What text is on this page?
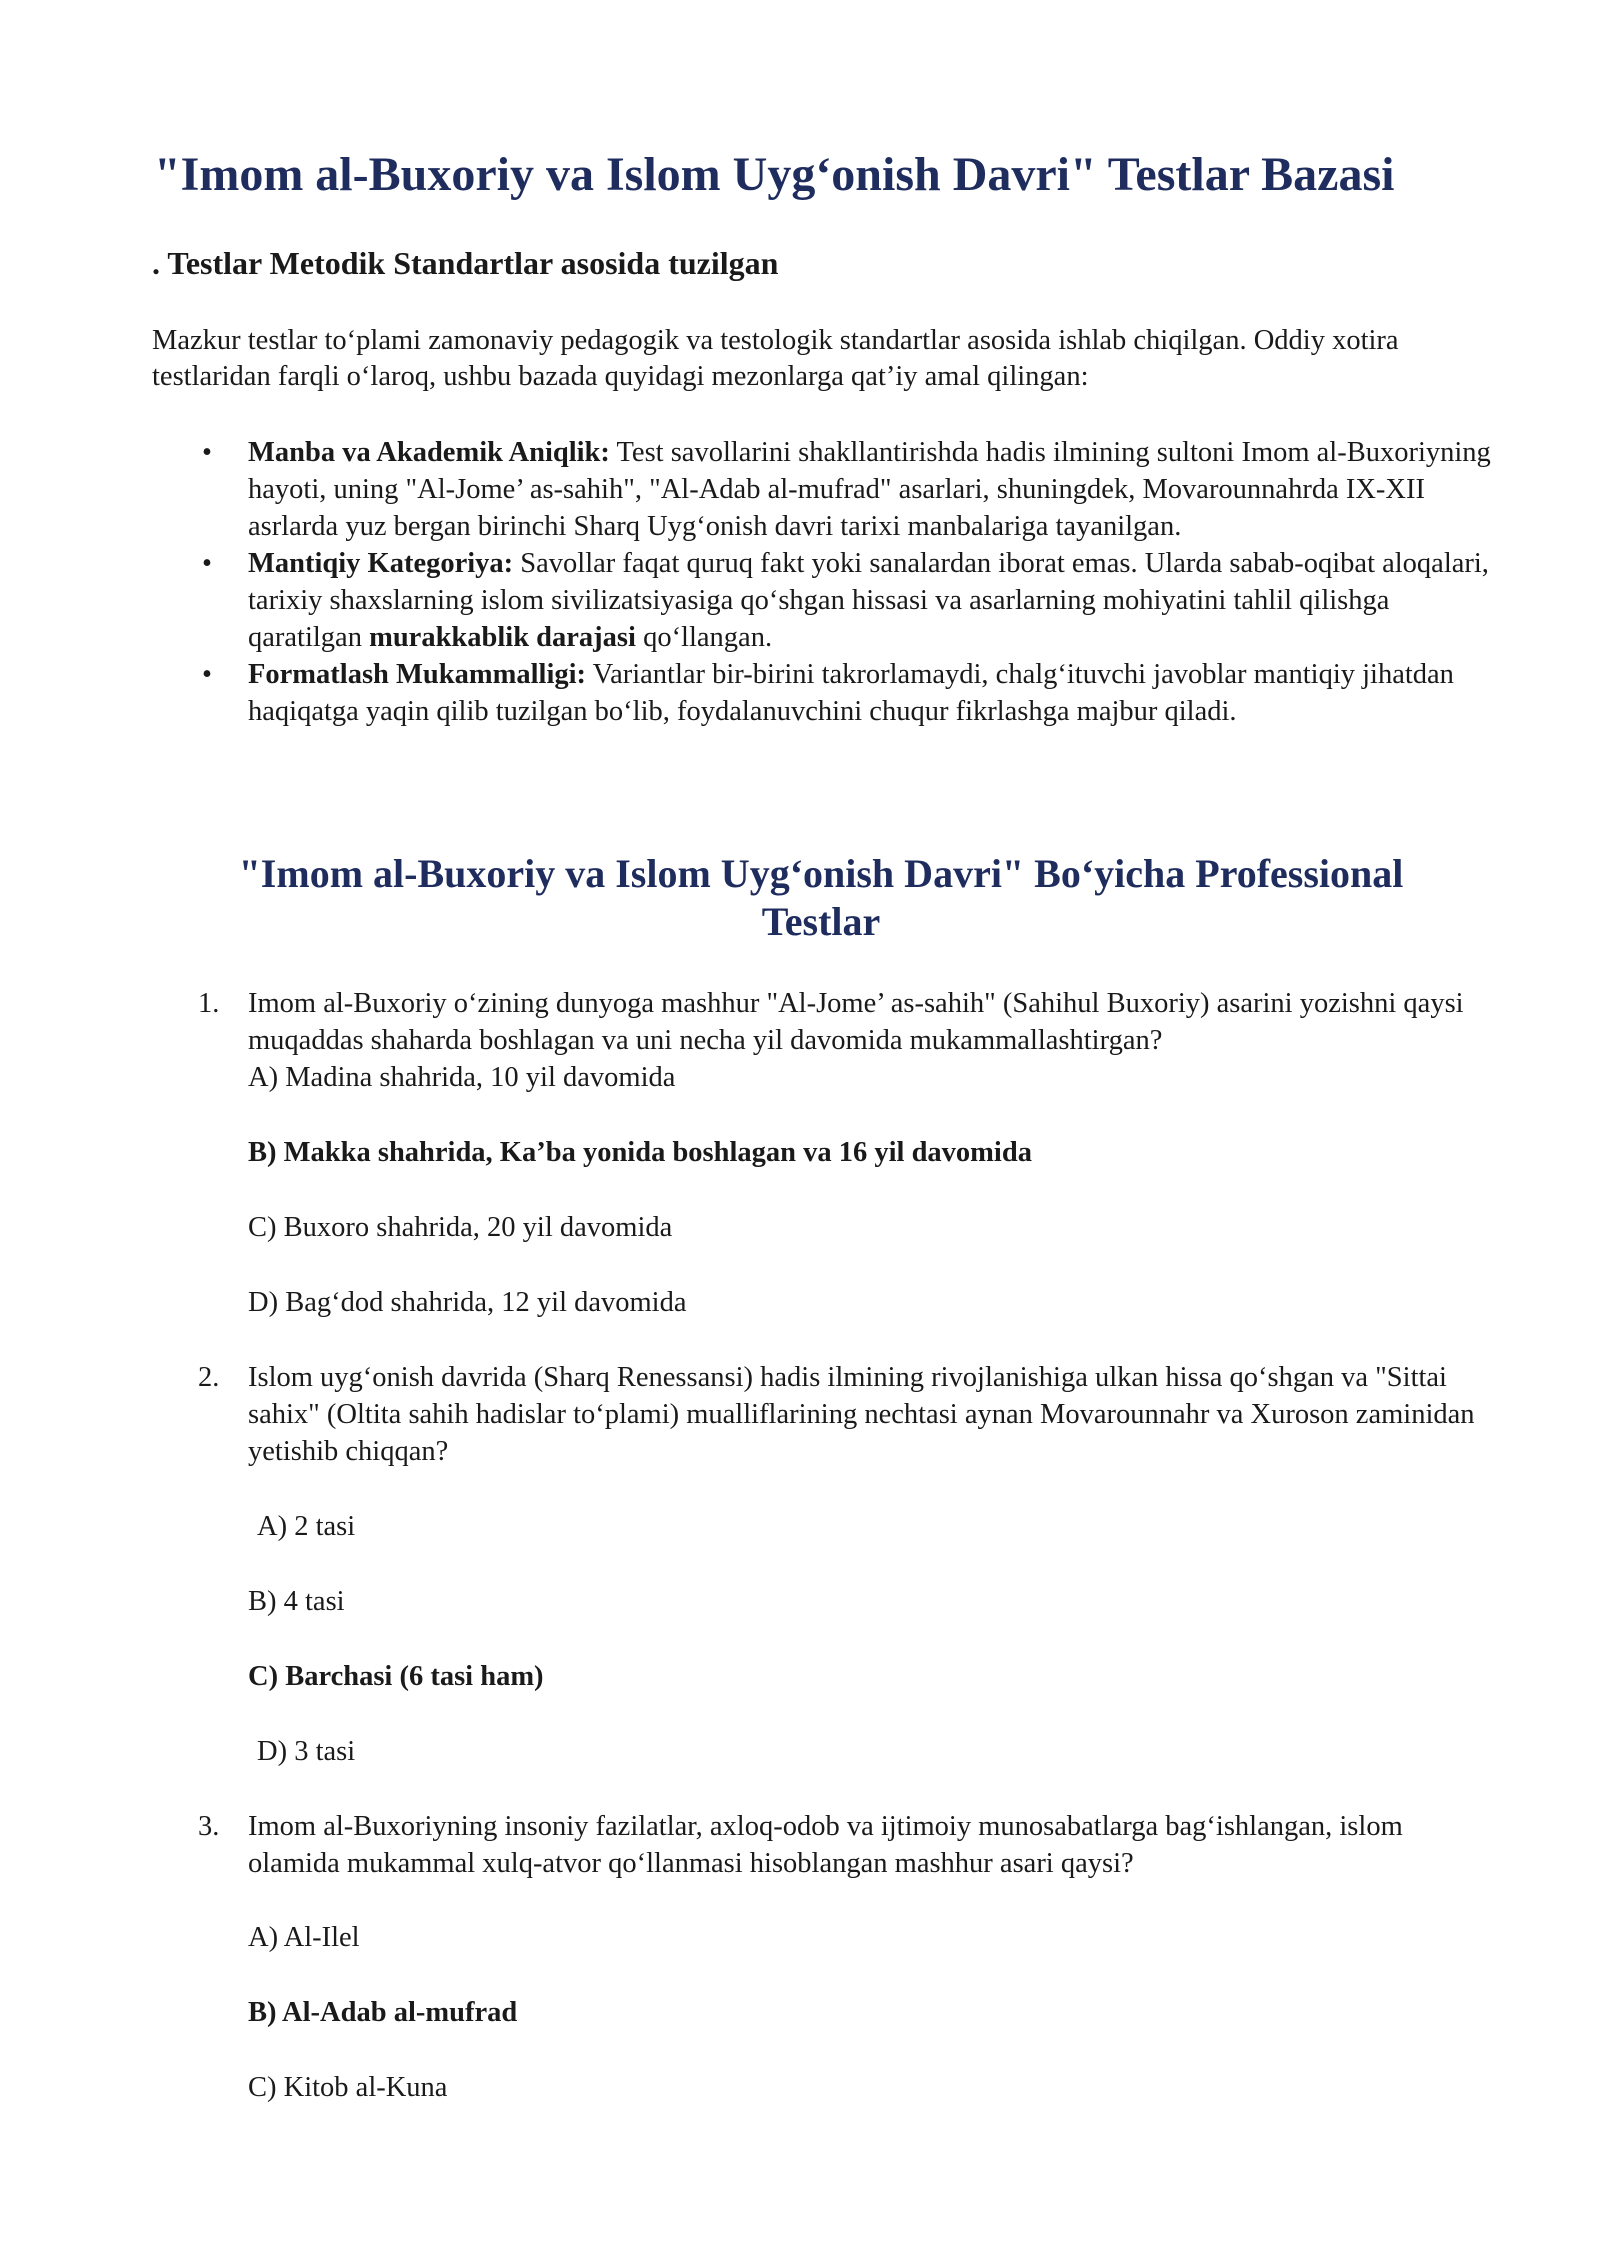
"Imom al-Buxoriy va Islom Uyg‘onish Davri" Testlar Bazasi
. Testlar Metodik Standartlar asosida tuzilgan

Mazkur testlar to‘plami zamonaviy pedagogik va testologik standartlar asosida ishlab chiqilgan. Oddiy xotira testlaridan farqli o‘laroq, ushbu bazada quyidagi mezonlarga qat’iy amal qilingan:

• Manba va Akademik Aniqlik: Test savollarini shakllantirishda hadis ilmining sultoni Imom al-Buxoriyning hayoti, uning "Al-Jome’ as-sahih", "Al-Adab al-mufrad" asarlari, shuningdek, Movarounnahrda IX-XII asrlarda yuz bergan birinchi Sharq Uyg‘onish davri tarixi manbalariga tayanilgan.
• Mantiqiy Kategoriya: Savollar faqat quruq fakt yoki sanalardan iborat emas. Ularda sabab-oqibat aloqalari, tarixiy shaxslarning islom sivilizatsiyasiga qo‘shgan hissasi va asarlarning mohiyatini tahlil qilishga qaratilgan murakkablik darajasi qo‘llangan.
• Formatlash Mukammalligi: Variantlar bir-birini takrorlamaydi, chalg‘ituvchi javoblar mantiqiy jihatdan haqiqatga yaqin qilib tuzilgan bo‘lib, foydalanuvchini chuqur fikrlashga majbur qiladi.
"Imom al-Buxoriy va Islom Uyg‘onish Davri" Bo‘yicha Professional
Testlar
1.	Imom al-Buxoriy o‘zining dunyoga mashhur "Al-Jome’ as-sahih" (Sahihul Buxoriy) asarini yozishni qaysi muqaddas shaharda boshlagan va uni necha yil davomida mukammallashtirgan?

A) Madina shahrida, 10 yil davomida
B) Makka shahrida, Ka’ba yonida boshlagan va 16 yil davomida
C) Buxoro shahrida, 20 yil davomida
D) Bag‘dod shahrida, 12 yil davomida
2.	Islom uyg‘onish davrida (Sharq Renessansi) hadis ilmining rivojlanishiga ulkan hissa qo‘shgan va "Sittai sahix" (Oltita sahih hadislar to‘plami) mualliflarining nechtasi aynan Movarounnahr va Xuroson zaminidan yetishib chiqqan?

A) 2 tasi
B) 4 tasi
C) Barchasi (6 tasi ham)
D) 3 tasi
3.	Imom al-Buxoriyning insoniy fazilatlar, axloq-odob va ijtimoiy munosabatlarga bag‘ishlangan, islom olamida mukammal xulq-atvor qo‘llanmasi hisoblangan mashhur asari qaysi?

A) Al-Ilel
B) Al-Adab al-mufrad
C) Kitob al-Kuna
